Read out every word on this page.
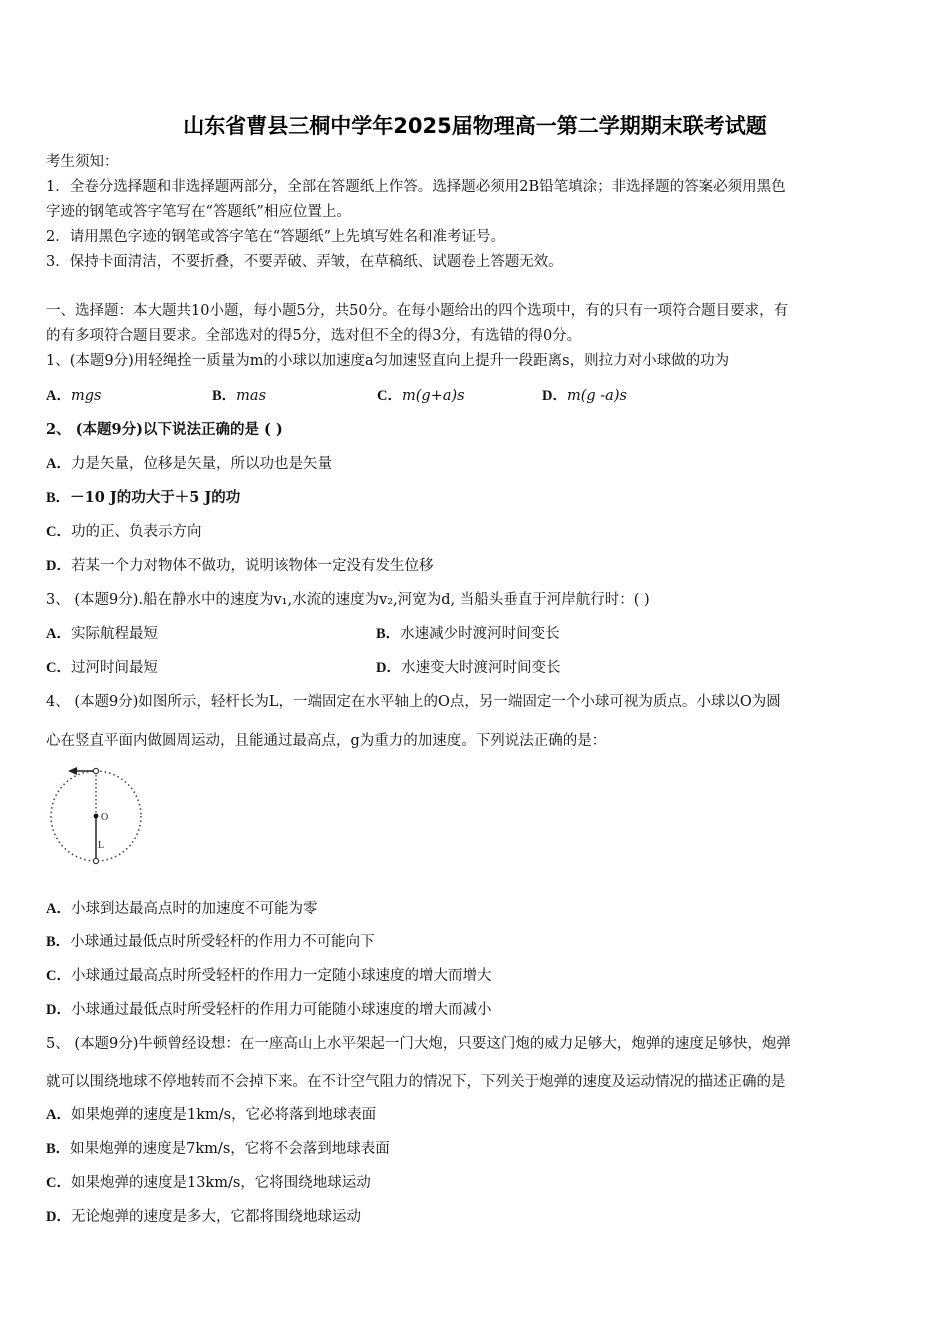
山东省曹县三桐中学年2025届物理高一第二学期期末联考试题
考生须知：
1．全卷分选择题和非选择题两部分，全部在答题纸上作答。选择题必须用2B铅笔填涂；非选择题的答案必须用黑色
字迹的钢笔或答字笔写在“答题纸”相应位置上。
2．请用黑色字迹的钢笔或答字笔在“答题纸”上先填写姓名和准考证号。
3．保持卡面清洁，不要折叠，不要弄破、弄皱，在草稿纸、试题卷上答题无效。
一、选择题：本大题共10小题，每小题5分，共50分。在每小题给出的四个选项中，有的只有一项符合题目要求，有
的有多项符合题目要求。全部选对的得5分，选对但不全的得3分，有选错的得0分。
1、(本题9分)用轻绳拴一质量为m的小球以加速度a匀加速竖直向上提升一段距离s，则拉力对小球做的功为
A．mgs	B．mas	C．m(g+a)s	D．m(g -a)s
2、 (本题9分)以下说法正确的是 ( )
A．力是矢量，位移是矢量，所以功也是矢量
B．－10 J的功大于＋5 J的功
C．功的正、负表示方向
D．若某一个力对物体不做功，说明该物体一定没有发生位移
3、 (本题9分).船在静水中的速度为v₁,水流的速度为v₂,河宽为d, 当船头垂直于河岸航行时：( )
A．实际航程最短	B．水速减少时渡河时间变长
C．过河时间最短	D．水速变大时渡河时间变长
4、 (本题9分)如图所示，轻杆长为L，一端固定在水平轴上的O点，另一端固定一个小球可视为质点。小球以O为圆
心在竖直平面内做圆周运动，且能通过最高点，g为重力的加速度。下列说法正确的是：
O
L
A．小球到达最高点时的加速度不可能为零
B．小球通过最低点时所受轻杆的作用力不可能向下
C．小球通过最高点时所受轻杆的作用力一定随小球速度的增大而增大
D．小球通过最低点时所受轻杆的作用力可能随小球速度的增大而减小
5、 (本题9分)牛顿曾经设想：在一座高山上水平架起一门大炮，只要这门炮的威力足够大，炮弹的速度足够快，炮弹
就可以围绕地球不停地转而不会掉下来。在不计空气阻力的情况下，下列关于炮弹的速度及运动情况的描述正确的是
A．如果炮弹的速度是1km/s，它必将落到地球表面
B．如果炮弹的速度是7km/s，它将不会落到地球表面
C．如果炮弹的速度是13km/s，它将围绕地球运动
D．无论炮弹的速度是多大，它都将围绕地球运动
